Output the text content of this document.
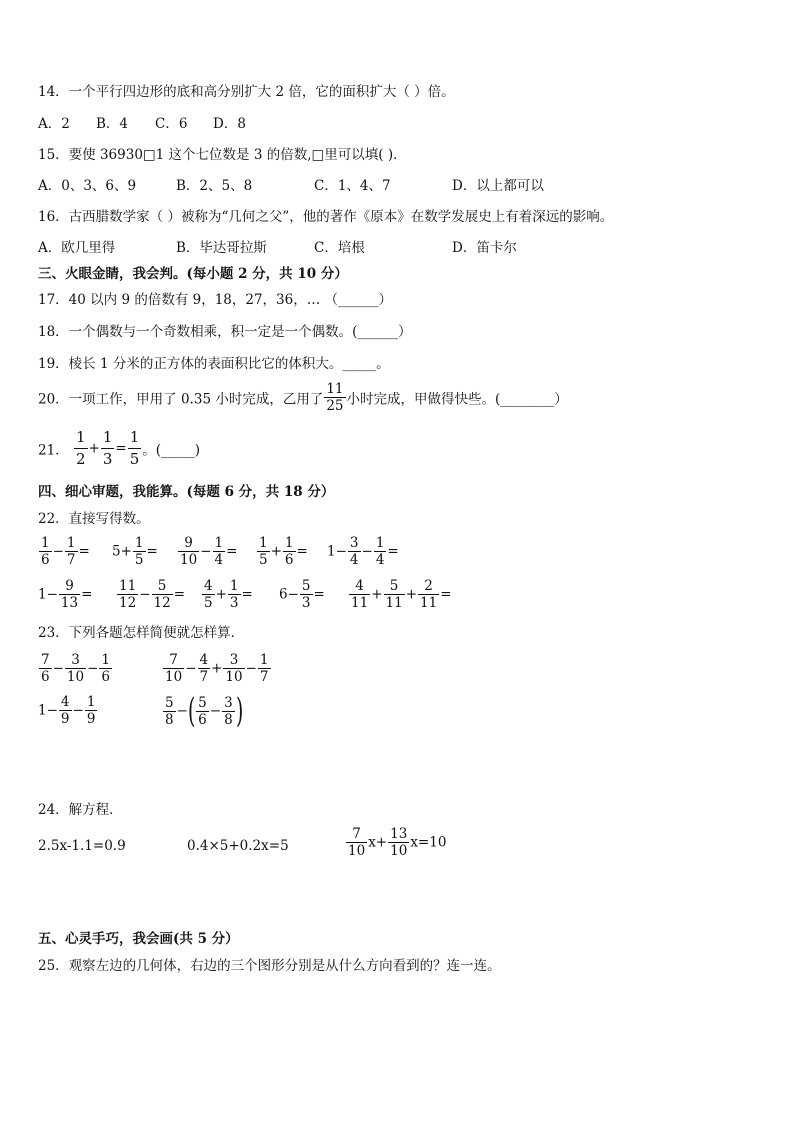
14．一个平行四边形的底和高分别扩大 2 倍，它的面积扩大（ ）倍。
A．2 B．4 C．6 D．8
15．要使 36930□1 这个七位数是 3 的倍数,□里可以填( )．
A．0、3、6、9	B．2、5、8	C．1、4、7	D．以上都可以
16．古西腊数学家（ ）被称为“几何之父”，他的著作《原本》在数学发展史上有着深远的影响。
A．欧几里得	B．毕达哥拉斯	C．培根	D．笛卡尔
三、火眼金睛，我会判。(每小题 2 分，共 10 分）
17．40 以内 9 的倍数有 9，18，27，36，… （______）
18．一个偶数与一个奇数相乘，积一定是一个偶数。(______）
19．棱长 1 分米的正方体的表面积比它的体积大。_____。
20．一项工作，甲用了 0.35 小时完成，乙用了 $\frac{11}{25}$ 小时完成，甲做得快些。(________）
21． $\frac{1}{2} + \frac{1}{3} = \frac{1}{5}$ 。(_____)
四、细心审题，我能算。(每题 6 分，共 18 分）
22．直接写得数。
$\frac{1}{6} - \frac{1}{7} = 5+ \frac{1}{5} = \frac{9}{10} - \frac{1}{4} = \frac{1}{5} + \frac{1}{6} = 1- \frac{3}{4} - \frac{1}{4}$ =
$1- \frac{9}{13} = \frac{11}{12} - \frac{5}{12} = \frac{4}{5} + \frac{1}{3} = 6- \frac{5}{3} = \frac{4}{11} + \frac{5}{11} + \frac{2}{11}$ =
23．下列各题怎样简便就怎样算．
$\frac{7}{6} - \frac{3}{10} - \frac{1}{6}$	$\frac{7}{10} - \frac{4}{7} + \frac{3}{10} - \frac{1}{7}$
$1- \frac{4}{9} - \frac{1}{9}$	$\frac{5}{8}$ −( $\frac{5}{6} - \frac{3}{8}$ )
24．解方程．
2.5x-1.1=0.9	0.4×5+0.2x=5	$\frac{7}{10} x+ \frac{13}{10} x=10$
五、心灵手巧，我会画(共 5 分）
25．观察左边的几何体，右边的三个图形分别是从什么方向看到的？连一连。
